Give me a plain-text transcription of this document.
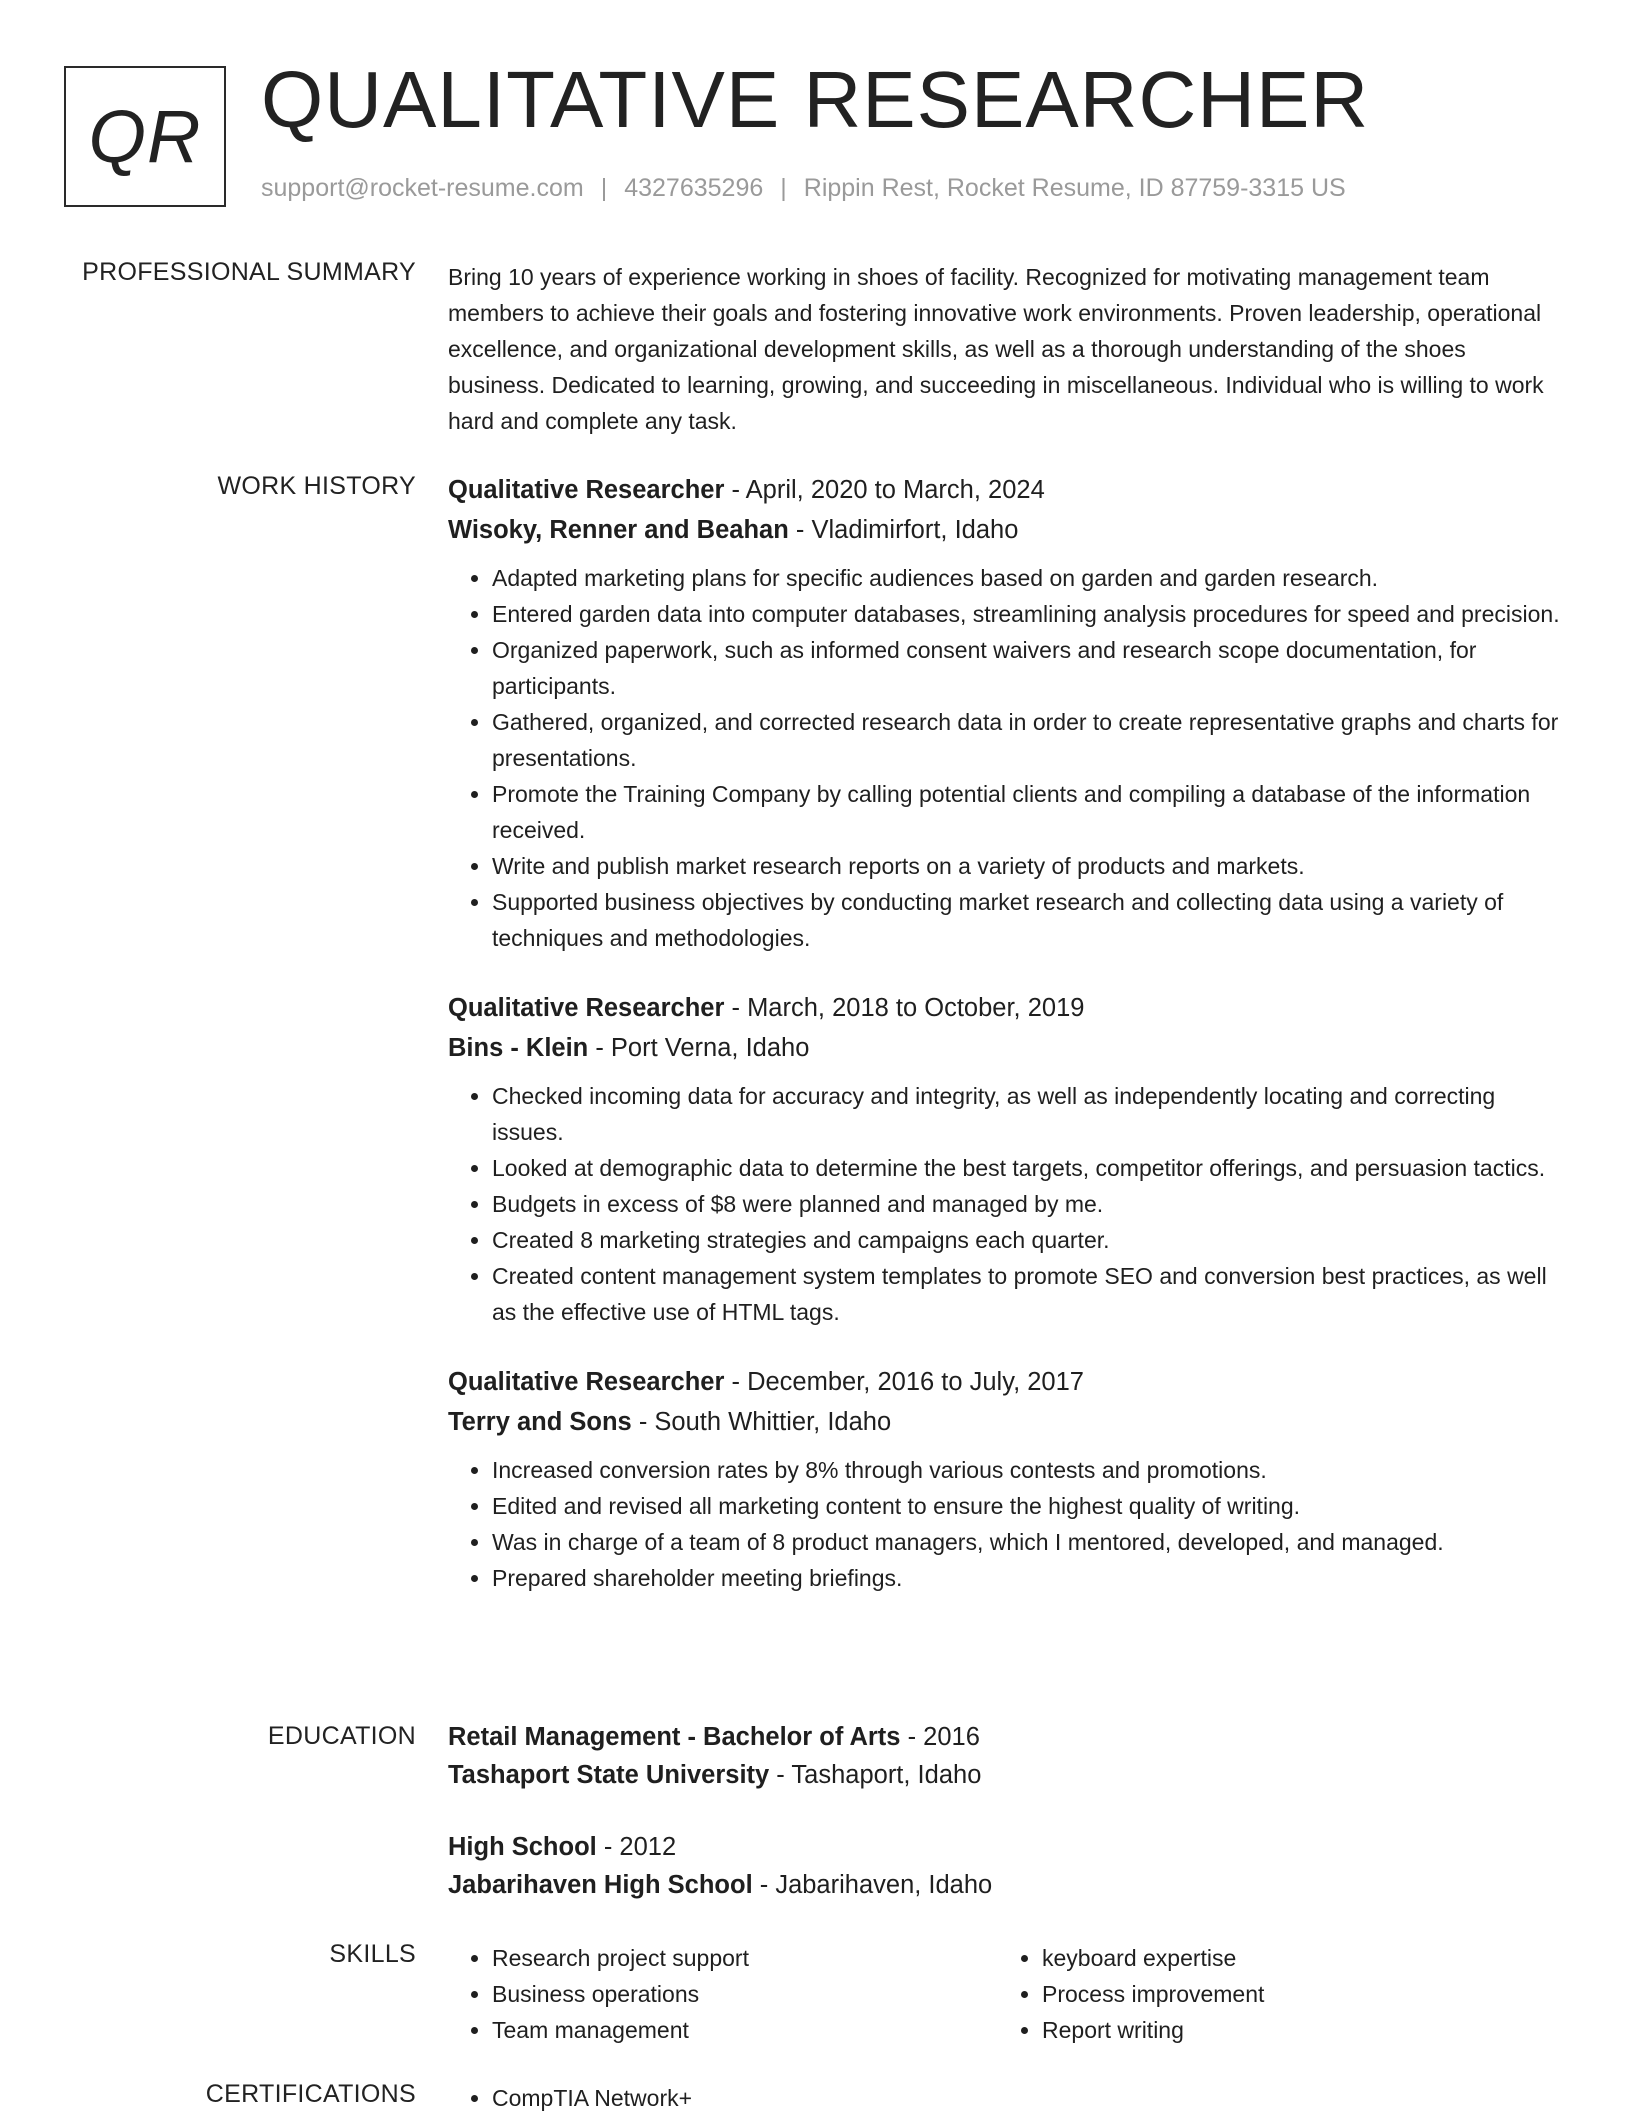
QR QUALITATIVE RESEARCHER
support@rocket-resume.com | 4327635296 | Rippin Rest, Rocket Resume, ID 87759-3315 US
PROFESSIONAL SUMMARY Bring 10 years of experience working in shoes of facility. Recognized for motivating management team members to achieve their goals and fostering innovative work environments. Proven leadership, operational excellence, and organizational development skills, as well as a thorough understanding of the shoes business. Dedicated to learning, growing, and succeeding in miscellaneous. Individual who is willing to work hard and complete any task.

WORK HISTORY Qualitative Researcher - April, 2020 to March, 2024
Wisoky, Renner and Beahan - Vladimirfort, Idaho
• Adapted marketing plans for specific audiences based on garden and garden research.
• Entered garden data into computer databases, streamlining analysis procedures for speed and precision.
• Organized paperwork, such as informed consent waivers and research scope documentation, for participants.
• Gathered, organized, and corrected research data in order to create representative graphs and charts for presentations.
• Promote the Training Company by calling potential clients and compiling a database of the information received.
• Write and publish market research reports on a variety of products and markets.
• Supported business objectives by conducting market research and collecting data using a variety of techniques and methodologies.
Qualitative Researcher - March, 2018 to October, 2019
Bins - Klein - Port Verna, Idaho
• Checked incoming data for accuracy and integrity, as well as independently locating and correcting issues.
• Looked at demographic data to determine the best targets, competitor offerings, and persuasion tactics.
• Budgets in excess of $8 were planned and managed by me.
• Created 8 marketing strategies and campaigns each quarter.
• Created content management system templates to promote SEO and conversion best practices, as well as the effective use of HTML tags.
Qualitative Researcher - December, 2016 to July, 2017
Terry and Sons - South Whittier, Idaho
• Increased conversion rates by 8% through various contests and promotions.
• Edited and revised all marketing content to ensure the highest quality of writing.
• Was in charge of a team of 8 product managers, which I mentored, developed, and managed.
• Prepared shareholder meeting briefings.
EDUCATION Retail Management - Bachelor of Arts - 2016
Tashaport State University - Tashaport, Idaho
High School - 2012
Jabarihaven High School - Jabarihaven, Idaho
SKILLS	• Research project support
• Business operations
• Team management
• keyboard expertise
• Process improvement
• Report writing
CERTIFICATIONS	• CompTIA Network+
